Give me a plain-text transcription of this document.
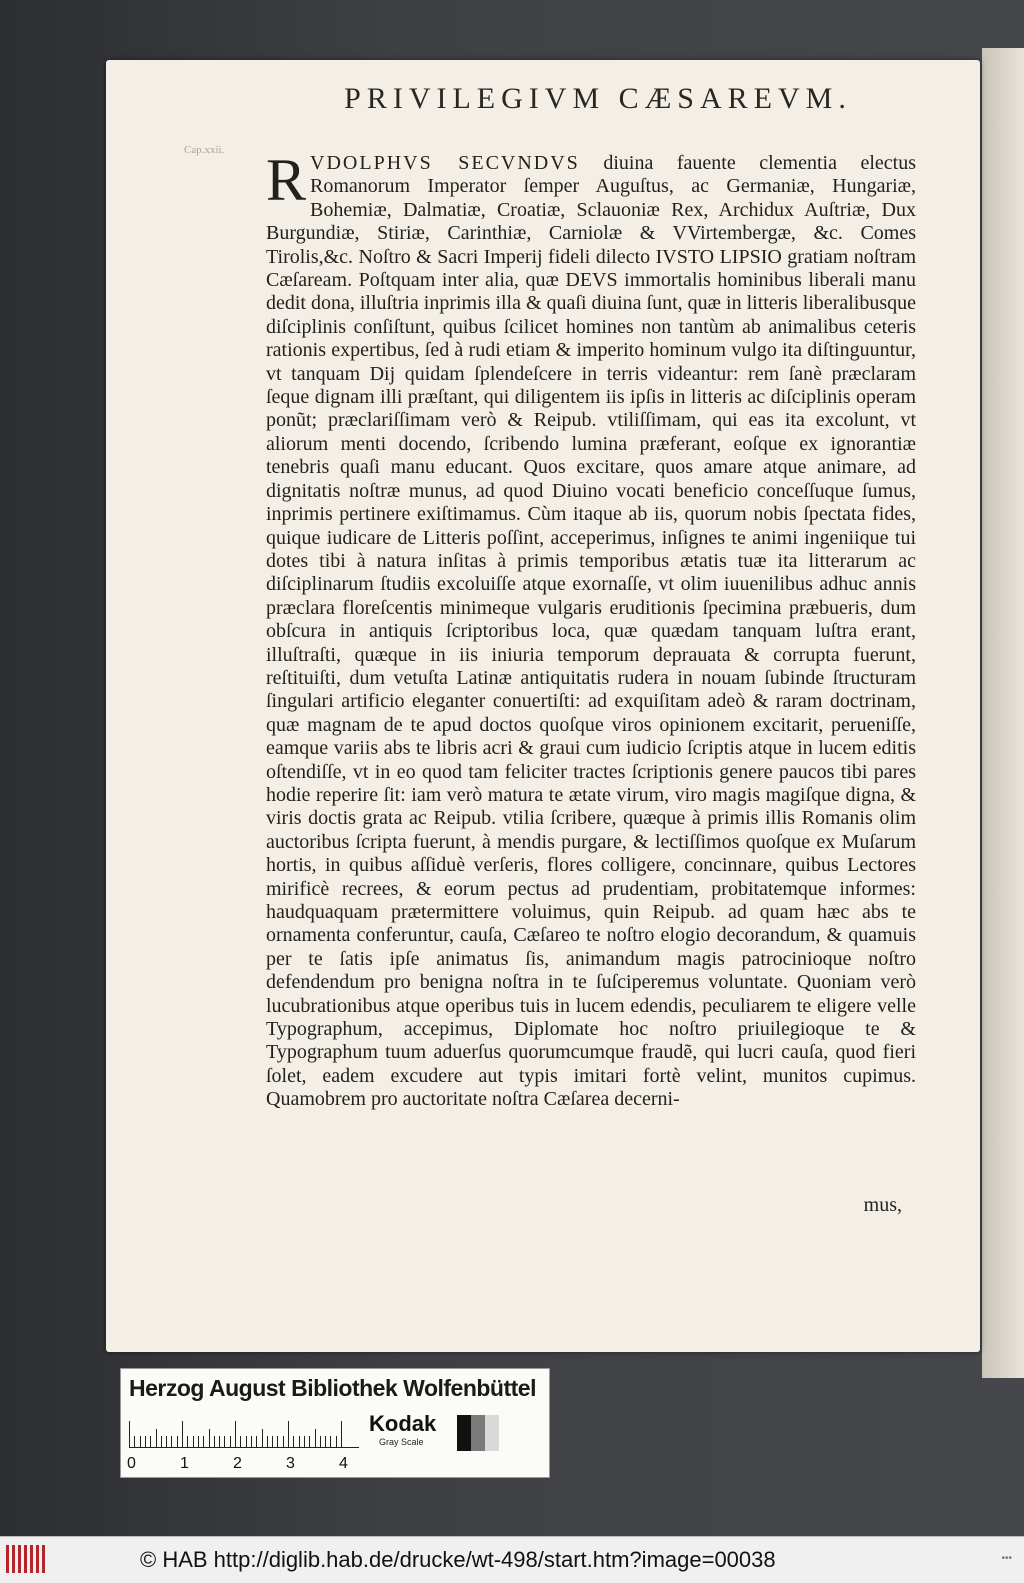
PRIVILEGIVM CÆSAREVM.
Cap.xxii. RVDOLPHVS SECVNDVS diuina fauente clementia electus Romanorum Imperator ſemper Auguſtus, ac Germaniæ, Hungariæ, Bohemiæ, Dalmatiæ, Croatiæ, Sclauoniæ Rex, Archidux Auſtriæ, Dux Burgundiæ, Stiriæ, Carinthiæ, Carniolæ & VVirtembergæ, &c. Comes Tirolis,&c. Noſtro & Sacri Imperij fideli dilecto IVSTO LIPSIO gratiam noſtram Cæſaream. Poſtquam inter alia, quæ DEVS immortalis hominibus liberali manu dedit dona, illuſtria inprimis illa & quaſi diuina ſunt, quæ in litteris liberalibusque diſciplinis conſiſtunt, quibus ſcilicet homines non tantùm ab animalibus ceteris rationis expertibus, ſed à rudi etiam & imperito hominum vulgo ita diſtinguuntur, vt tanquam Dij quidam ſplendeſcere in terris videantur: rem ſanè præclaram ſeque dignam illi præſtant, qui diligentem iis ipſis in litteris ac diſciplinis operam ponũt; præclariſſimam verò & Reipub. vtiliſſimam, qui eas ita excolunt, vt aliorum menti docendo, ſcribendo lumina præferant, eoſque ex ignorantiæ tenebris quaſi manu educant. Quos excitare, quos amare atque animare, ad dignitatis noſtræ munus, ad quod Diuino vocati beneficio conceſſuque ſumus, inprimis pertinere exiſtimamus. Cùm itaque ab iis, quorum nobis ſpectata fides, quique iudicare de Litteris poſſint, acceperimus, inſignes te animi ingeniique tui dotes tibi à natura inſitas à primis temporibus ætatis tuæ ita litterarum ac diſciplinarum ſtudiis excoluiſſe atque exornaſſe, vt olim iuuenilibus adhuc annis præclara floreſcentis minimeque vulgaris eruditionis ſpecimina præbueris, dum obſcura in antiquis ſcriptoribus loca, quæ quædam tanquam luſtra erant, illuſtraſti, quæque in iis iniuria temporum deprauata & corrupta fuerunt, reſtituiſti, dum vetuſta Latinæ antiquitatis rudera in nouam ſubinde ſtructuram ſingulari artificio eleganter conuertiſti: ad exquiſitam adeò & raram doctrinam, quæ magnam de te apud doctos quoſque viros opinionem excitarit, perueniſſe, eamque variis abs te libris acri & graui cum iudicio ſcriptis atque in lucem editis oſtendiſſe, vt in eo quod tam feliciter tractes ſcriptionis genere paucos tibi pares hodie reperire ſit: iam verò matura te ætate virum, viro magis magiſque digna, & viris doctis grata ac Reipub. vtilia ſcribere, quæque à primis illis Romanis olim auctoribus ſcripta fuerunt, à mendis purgare, & lectiſſimos quoſque ex Muſarum hortis, in quibus aſſiduè verſeris, flores colligere, concinnare, quibus Lectores mirificè recrees, & eorum pectus ad prudentiam, probitatemque informes: haudquaquam prætermittere voluimus, quin Reipub. ad quam hæc abs te ornamenta conferuntur, cauſa, Cæſareo te noſtro elogio decorandum, & quamuis per te ſatis ipſe animatus ſis, animandum magis patrocinioque noſtro defendendum pro benigna noſtra in te ſuſciperemus voluntate. Quoniam verò lucubrationibus atque operibus tuis in lucem edendis, peculiarem te eligere velle Typographum, accepimus, Diplomate hoc noſtro priuilegioque te & Typographum tuum aduerſus quorumcumque fraudẽ, qui lucri cauſa, quod fieri ſolet, eadem excudere aut typis imitari fortè velint, munitos cupimus. Quamobrem pro auctoritate noſtra Cæſarea decerni-
mus,
Herzog August Bibliothek Wolfenbüttel
0	1	2	3	4
Kodak
Gray Scale
© HAB http://diglib.hab.de/drucke/wt-498/start.htm?image=00038	•••
